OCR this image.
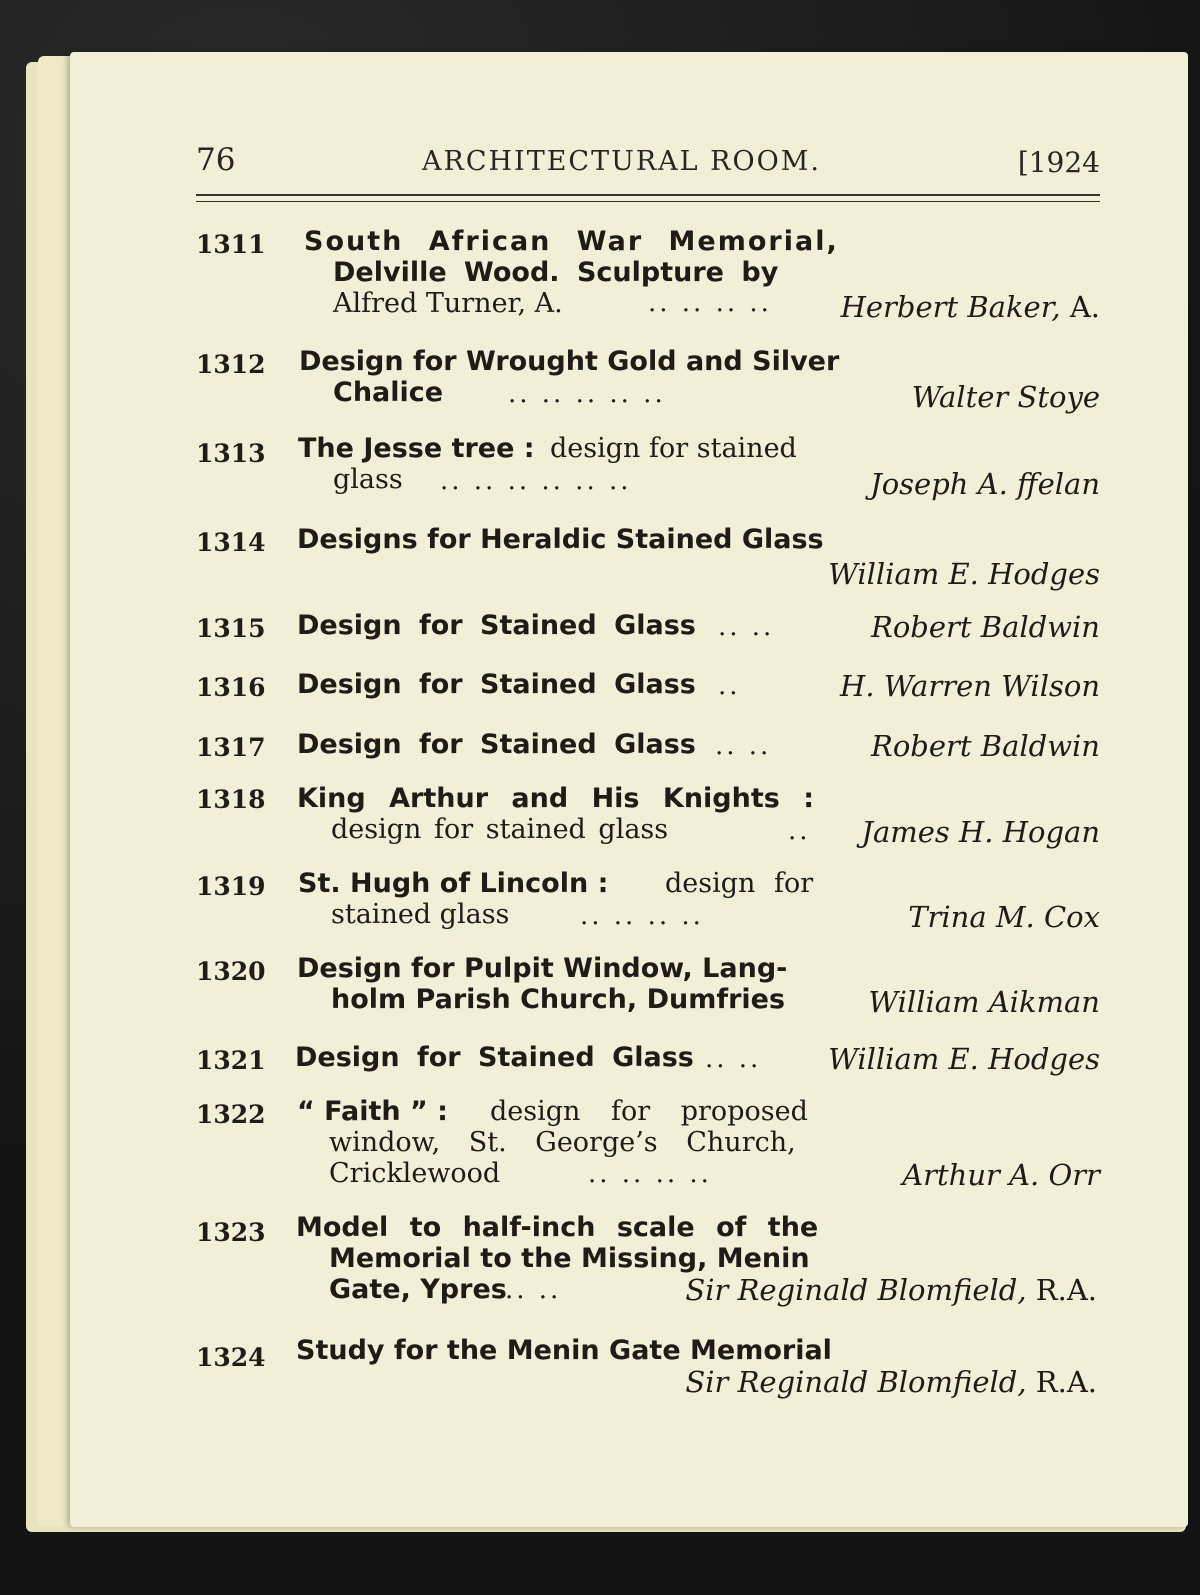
76	ARCHITECTURAL ROOM.	[1924
1311 South African War Memorial,
Delville Wood. Sculpture by
Alfred Turner, A.	.. .. .. .. Herbert Baker, A.
1312 Design for Wrought Gold and Silver
Chalice .. .. .. .. ..	Walter Stoye
1313 The Jesse tree : design for stained
glass .. .. .. .. .. ..	Joseph A. ffelan
1314 Designs for Heraldic Stained Glass
William E. Hodges
1315 Design for Stained Glass .. ..	Robert Baldwin
1316 Design for Stained Glass ..	H. Warren Wilson
1317 Design for Stained Glass .. ..	Robert Baldwin
1318 King Arthur and His Knights :
design for stained glass	.. James H. Hogan
1319 St. Hugh of Lincoln : design for
stained glass	.. .. .. ..	Trina M. Cox
1320 Design for Pulpit Window, Lang-
holm Parish Church, Dumfries	William Aikman
1321 Design for Stained Glass .. .. William E. Hodges
1322 “ Faith ” : design for proposed
window, St. George’s Church,
Cricklewood	.. .. .. ..	Arthur A. Orr
1323 Model to half-inch scale of the
Memorial to the Missing, Menin
Gate, Ypres
.. ..	Sir Reginald Blomfield, R.A.
1324 Study for the Menin Gate Memorial
Sir Reginald Blomfield, R.A.
